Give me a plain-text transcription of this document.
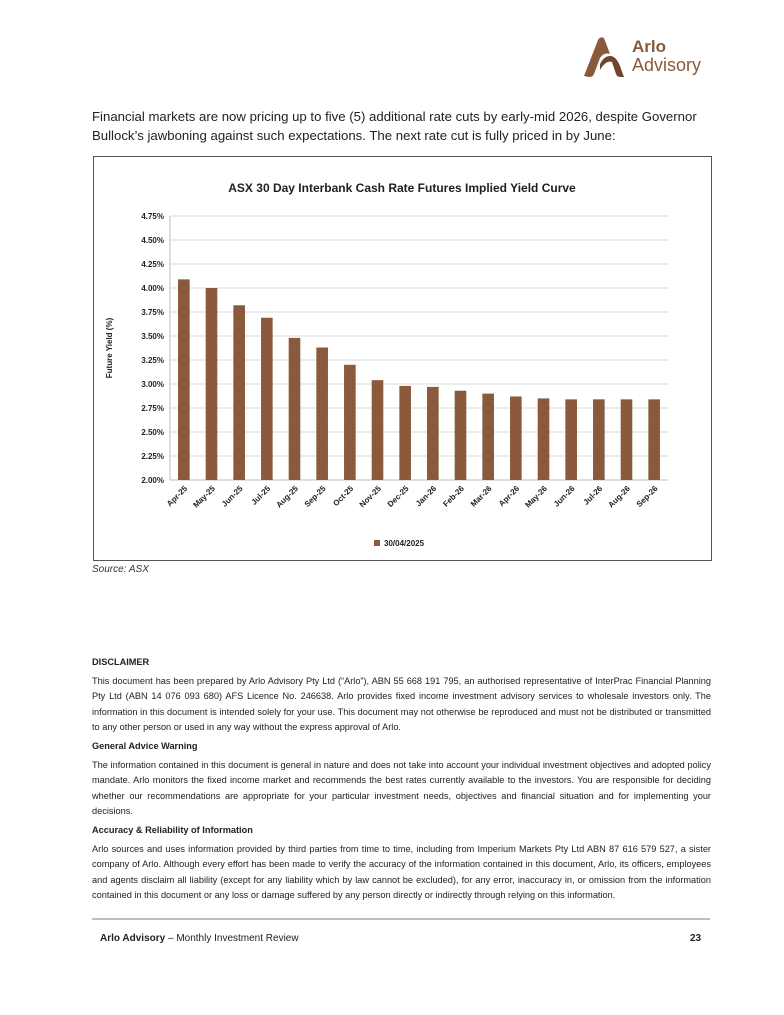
Arlo
Advisory

Financial markets are now pricing up to five (5) additional rate cuts by early-mid 2026, despite Governor Bullock’s jawboning against such expectations. The next rate cut is fully priced in by June:

ASX 30 Day Interbank Cash Rate Futures Implied Yield Curve
2.00%
2.25%
2.50%
2.75%
3.00%
3.25%
3.50%
3.75%
4.00%
4.25%
4.50%
4.75%
Future Yield (%)
Apr-25 May-25 Jun-25 Jul-25 Aug-25 Sep-25 Oct-25 Nov-25 Dec-25 Jan-26 Feb-26 Mar-26 Apr-26 May-26 Jun-26 Jul-26 Aug-26 Sep-26
30/04/2025
Source: ASX
DISCLAIMER

This document has been prepared by Arlo Advisory Pty Ltd (“Arlo”), ABN 55 668 191 795, an authorised representative of InterPrac Financial Planning Pty Ltd (ABN 14 076 093 680) AFS Licence No. 246638. Arlo provides fixed income investment advisory services to wholesale investors only. The information in this document is intended solely for your use. This document may not otherwise be reproduced and must not be distributed or transmitted to any other person or used in any way without the express approval of Arlo.

General Advice Warning

The information contained in this document is general in nature and does not take into account your individual investment objectives and adopted policy mandate. Arlo monitors the fixed income market and recommends the best rates currently available to the investors. You are responsible for deciding whether our recommendations are appropriate for your particular investment needs, objectives and financial situation and for implementing your decisions.

Accuracy & Reliability of Information

Arlo sources and uses information provided by third parties from time to time, including from Imperium Markets Pty Ltd ABN 87 616 579 527, a sister company of Arlo. Although every effort has been made to verify the accuracy of the information contained in this document, Arlo, its officers, employees and agents disclaim all liability (except for any liability which by law cannot be excluded), for any error, inaccuracy in, or omission from the information contained in this document or any loss or damage suffered by any person directly or indirectly through relying on this information.

Arlo Advisory – Monthly Investment Review	23
